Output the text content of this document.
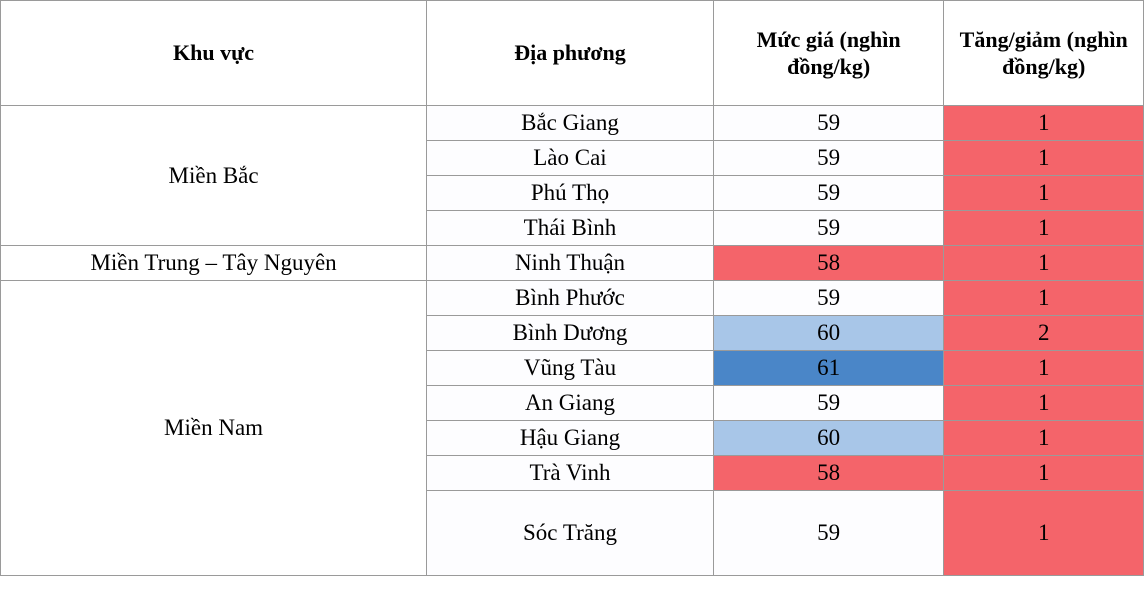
Khu vực	Địa phương	Mức giá (nghìn đồng/kg)	Tăng/giảm (nghìn đồng/kg)
Miền Bắc	Bắc Giang	59	1
	Lào Cai	59	1
	Phú Thọ	59	1
	Thái Bình	59	1
Miền Trung – Tây Nguyên	Ninh Thuận	58	1
Miền Nam	Bình Phước	59	1
	Bình Dương	60	2
	Vũng Tàu	61	1
	An Giang	59	1
	Hậu Giang	60	1
	Trà Vinh	58	1
	Sóc Trăng	59	1
